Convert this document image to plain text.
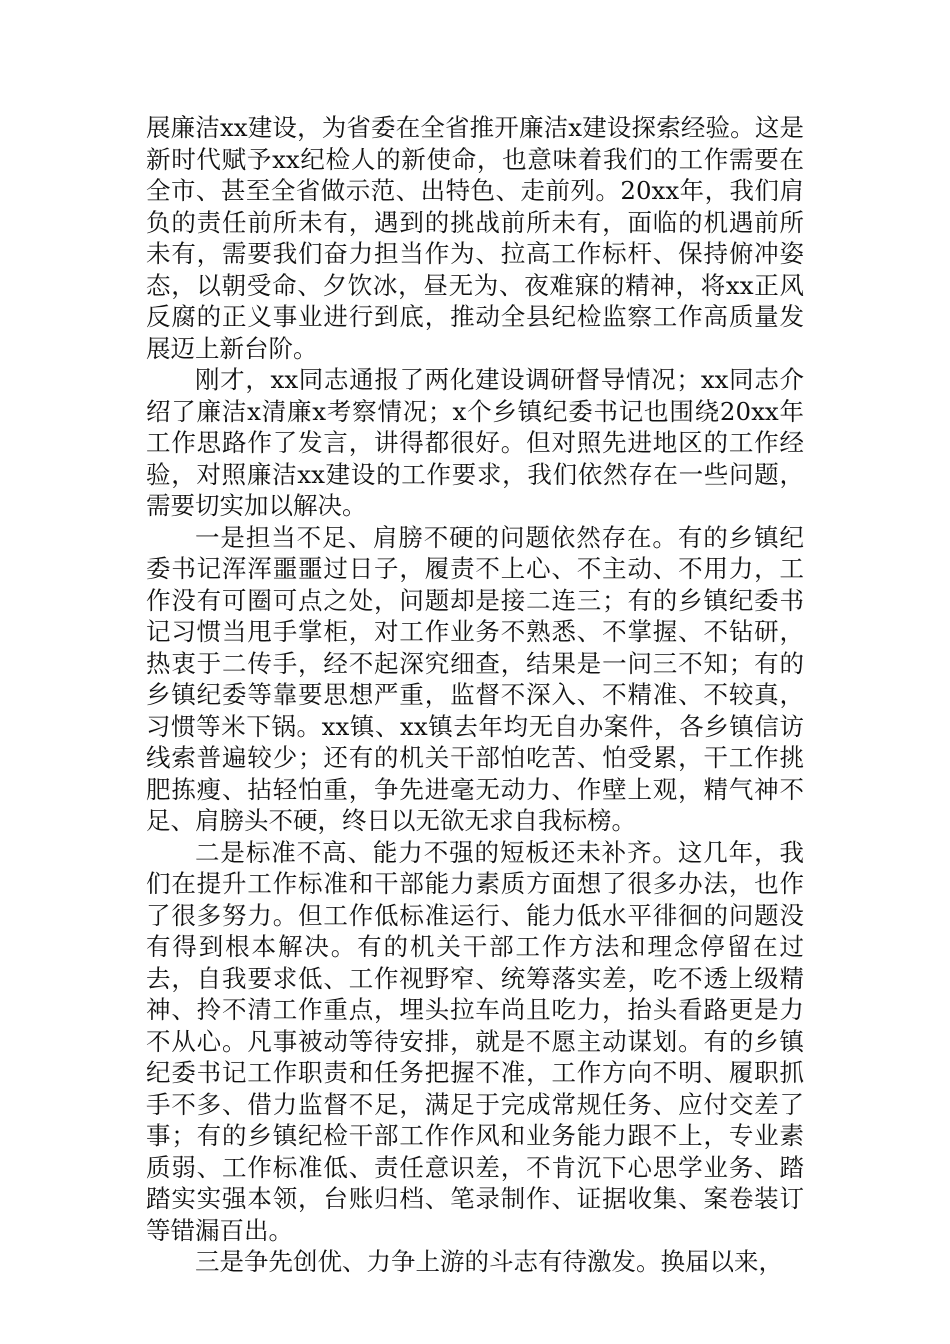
展廉洁xx建设，为省委在全省推开廉洁x建设探索经验。这是新时代赋予xx纪检人的新使命，也意味着我们的工作需要在全市、甚至全省做示范、出特色、走前列。20xx年，我们肩负的责任前所未有，遇到的挑战前所未有，面临的机遇前所未有，需要我们奋力担当作为、拉高工作标杆、保持俯冲姿态，以朝受命、夕饮冰，昼无为、夜难寐的精神，将xx正风反腐的正义事业进行到底，推动全县纪检监察工作高质量发展迈上新台阶。

刚才，xx同志通报了两化建设调研督导情况；xx同志介绍了廉洁x清廉x考察情况；x个乡镇纪委书记也围绕20xx年工作思路作了发言，讲得都很好。但对照先进地区的工作经验，对照廉洁xx建设的工作要求，我们依然存在一些问题，需要切实加以解决。

一是担当不足、肩膀不硬的问题依然存在。有的乡镇纪委书记浑浑噩噩过日子，履责不上心、不主动、不用力，工作没有可圈可点之处，问题却是接二连三；有的乡镇纪委书记习惯当甩手掌柜，对工作业务不熟悉、不掌握、不钻研，热衷于二传手，经不起深究细查，结果是一问三不知；有的乡镇纪委等靠要思想严重，监督不深入、不精准、不较真，习惯等米下锅。xx镇、xx镇去年均无自办案件，各乡镇信访线索普遍较少；还有的机关干部怕吃苦、怕受累，干工作挑肥拣瘦、拈轻怕重，争先进毫无动力、作壁上观，精气神不足、肩膀头不硬，终日以无欲无求自我标榜。

二是标准不高、能力不强的短板还未补齐。这几年，我们在提升工作标准和干部能力素质方面想了很多办法，也作了很多努力。但工作低标准运行、能力低水平徘徊的问题没有得到根本解决。有的机关干部工作方法和理念停留在过去，自我要求低、工作视野窄、统筹落实差，吃不透上级精神、拎不清工作重点，埋头拉车尚且吃力，抬头看路更是力不从心。凡事被动等待安排，就是不愿主动谋划。有的乡镇纪委书记工作职责和任务把握不准，工作方向不明、履职抓手不多、借力监督不足，满足于完成常规任务、应付交差了事；有的乡镇纪检干部工作作风和业务能力跟不上，专业素质弱、工作标准低、责任意识差，不肯沉下心思学业务、踏踏实实强本领，台账归档、笔录制作、证据收集、案卷装订等错漏百出。

三是争先创优、力争上游的斗志有待激发。换届以来，
